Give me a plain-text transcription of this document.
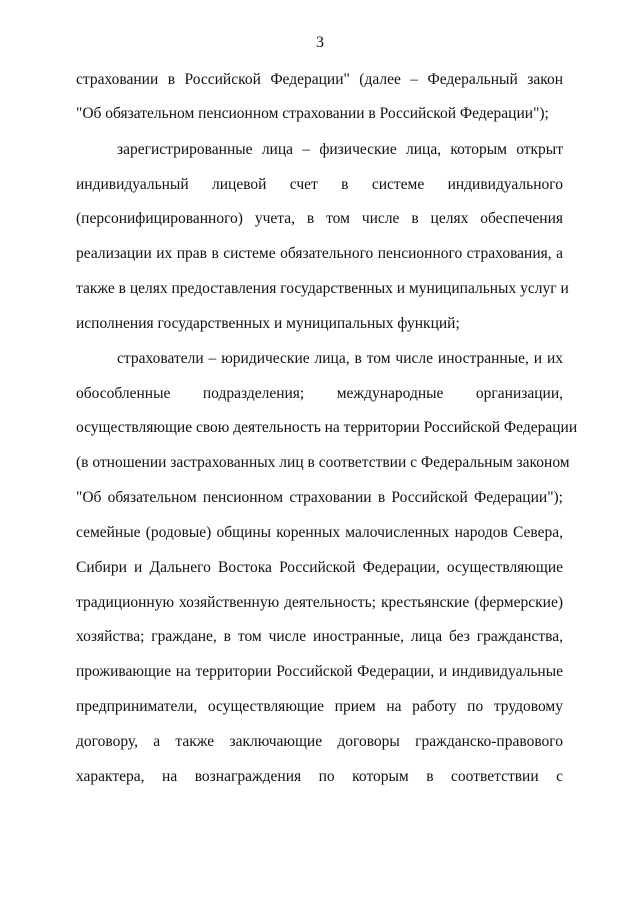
3
страховании в Российской Федерации" (далее – Федеральный закон
"Об обязательном пенсионном страховании в Российской Федерации");
зарегистрированные лица – физические лица, которым открыт
индивидуальный лицевой счет в системе индивидуального
(персонифицированного) учета, в том числе в целях обеспечения
реализации их прав в системе обязательного пенсионного страхования, а
также в целях предоставления государственных и муниципальных услуг и
исполнения государственных и муниципальных функций;
страхователи – юридические лица, в том числе иностранные, и их
обособленные подразделения; международные организации,
осуществляющие свою деятельность на территории Российской Федерации
(в отношении застрахованных лиц в соответствии с Федеральным законом
"Об обязательном пенсионном страховании в Российской Федерации");
семейные (родовые) общины коренных малочисленных народов Севера,
Сибири и Дальнего Востока Российской Федерации, осуществляющие
традиционную хозяйственную деятельность; крестьянские (фермерские)
хозяйства; граждане, в том числе иностранные, лица без гражданства,
проживающие на территории Российской Федерации, и индивидуальные
предприниматели, осуществляющие прием на работу по трудовому
договору, а также заключающие договоры гражданско-правового
характера, на вознаграждения по которым в соответствии с
